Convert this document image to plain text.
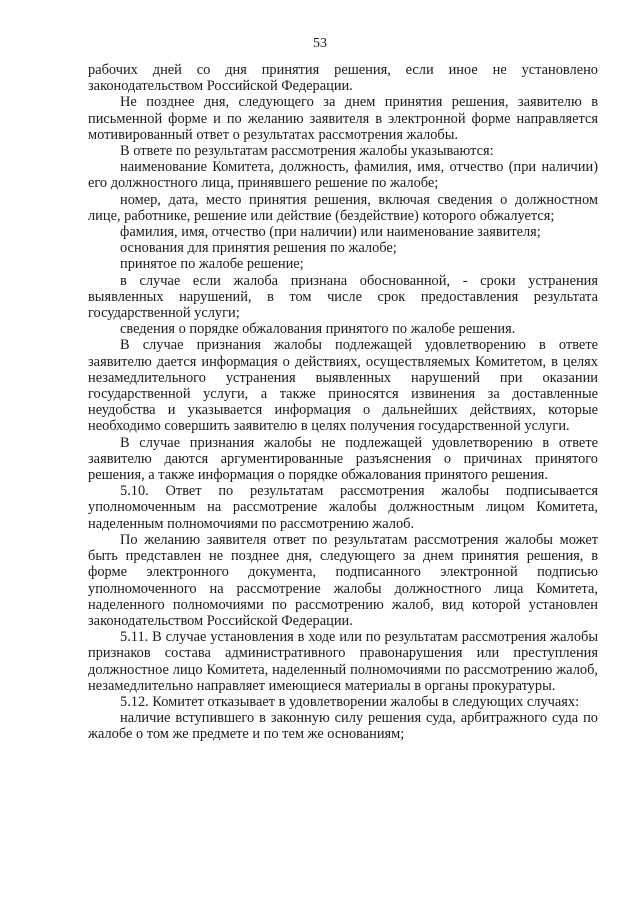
53

рабочих дней со дня принятия решения, если иное не установлено законодательством Российской Федерации.

Не позднее дня, следующего за днем принятия решения, заявителю в письменной форме и по желанию заявителя в электронной форме направляется мотивированный ответ о результатах рассмотрения жалобы.

В ответе по результатам рассмотрения жалобы указываются:

наименование Комитета, должность, фамилия, имя, отчество (при наличии) его должностного лица, принявшего решение по жалобе;

номер, дата, место принятия решения, включая сведения о должностном лице, работнике, решение или действие (бездействие) которого обжалуется;

фамилия, имя, отчество (при наличии) или наименование заявителя;

основания для принятия решения по жалобе;

принятое по жалобе решение;

в случае если жалоба признана обоснованной, - сроки устранения выявленных нарушений, в том числе срок предоставления результата государственной услуги;

сведения о порядке обжалования принятого по жалобе решения.

В случае признания жалобы подлежащей удовлетворению в ответе заявителю дается информация о действиях, осуществляемых Комитетом, в целях незамедлительного устранения выявленных нарушений при оказании государственной услуги, а также приносятся извинения за доставленные неудобства и указывается информация о дальнейших действиях, которые необходимо совершить заявителю в целях получения государственной услуги.

В случае признания жалобы не подлежащей удовлетворению в ответе заявителю даются аргументированные разъяснения о причинах принятого решения, а также информация о порядке обжалования принятого решения.

5.10. Ответ по результатам рассмотрения жалобы подписывается уполномоченным на рассмотрение жалобы должностным лицом Комитета, наделенным полномочиями по рассмотрению жалоб.

По желанию заявителя ответ по результатам рассмотрения жалобы может быть представлен не позднее дня, следующего за днем принятия решения, в форме электронного документа, подписанного электронной подписью уполномоченного на рассмотрение жалобы должностного лица Комитета, наделенного полномочиями по рассмотрению жалоб, вид которой установлен законодательством Российской Федерации.

5.11. В случае установления в ходе или по результатам рассмотрения жалобы признаков состава административного правонарушения или преступления должностное лицо Комитета, наделенный полномочиями по рассмотрению жалоб, незамедлительно направляет имеющиеся материалы в органы прокуратуры.

5.12. Комитет отказывает в удовлетворении жалобы в следующих случаях:

наличие вступившего в законную силу решения суда, арбитражного суда по жалобе о том же предмете и по тем же основаниям;
